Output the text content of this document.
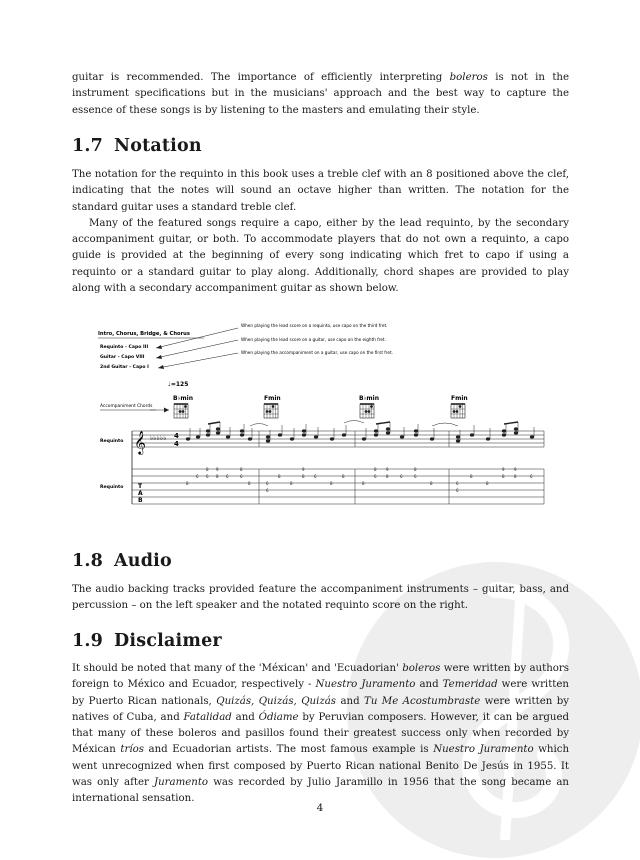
guitar is recommended. The importance of efficiently interpreting boleros is not in the instrument specifications but in the musicians' approach and the best way to capture the essence of these songs is by listening to the masters and emulating their style.

1.7 Notation

The notation for the requinto in this book uses a treble clef with an 8 positioned above the clef, indicating that the notes will sound an octave higher than written. The notation for the standard guitar uses a standard treble clef.

Many of the featured songs require a capo, either by the lead requinto, by the secondary accompaniment guitar, or both. To accommodate players that do not own a requinto, a capo guide is provided at the beginning of every song indicating which fret to capo if using a requinto or a standard guitar to play along. Additionally, chord shapes are provided to play along with a secondary accompaniment guitar as shown below.

Intro, Chorus, Bridge, & Chorus
Requinto - Capo III
Guitar - Capo VIII
2nd Guitar - Capo I
When playing the lead score on a requinto, use capo on the third fret.
When playing the lead score on a guitar, use capo on the eighth fret.
When playing the accompaniment on a guitar, use capo on the first fret.
♩=125
Accompaniment Chords
B♭min	Fmin	B♭min	Fmin
Requinto 𝄞 ♭♭♭♭♭ 4
4
Requinto T
A
B
8
6 6
8 9
8 6	6
8
8	6
6
8
8
8
9
6
8
8
8
6
8 9
8	6
8
6
8	6
6
8
8
9
8
9
8	6
1.8 Audio

The audio backing tracks provided feature the accompaniment instruments – guitar, bass, and percussion – on the left speaker and the notated requinto score on the right.

1.9 Disclaimer

It should be noted that many of the 'Méxican' and 'Ecuadorian' boleros were written by authors foreign to México and Ecuador, respectively - Nuestro Juramento and Temeridad were written by Puerto Rican nationals, Quizás, Quizás, Quizás and Tu Me Acostumbraste were written by natives of Cuba, and Fatalidad and Ódiame by Peruvian composers. However, it can be argued that many of these boleros and pasillos found their greatest success only when recorded by Méxican tríos and Ecuadorian artists. The most famous example is Nuestro Juramento which went unrecognized when first composed by Puerto Rican national Benito De Jesús in 1955. It was only after Juramento was recorded by Julio Jaramillo in 1956 that the song became an international sensation.

4
